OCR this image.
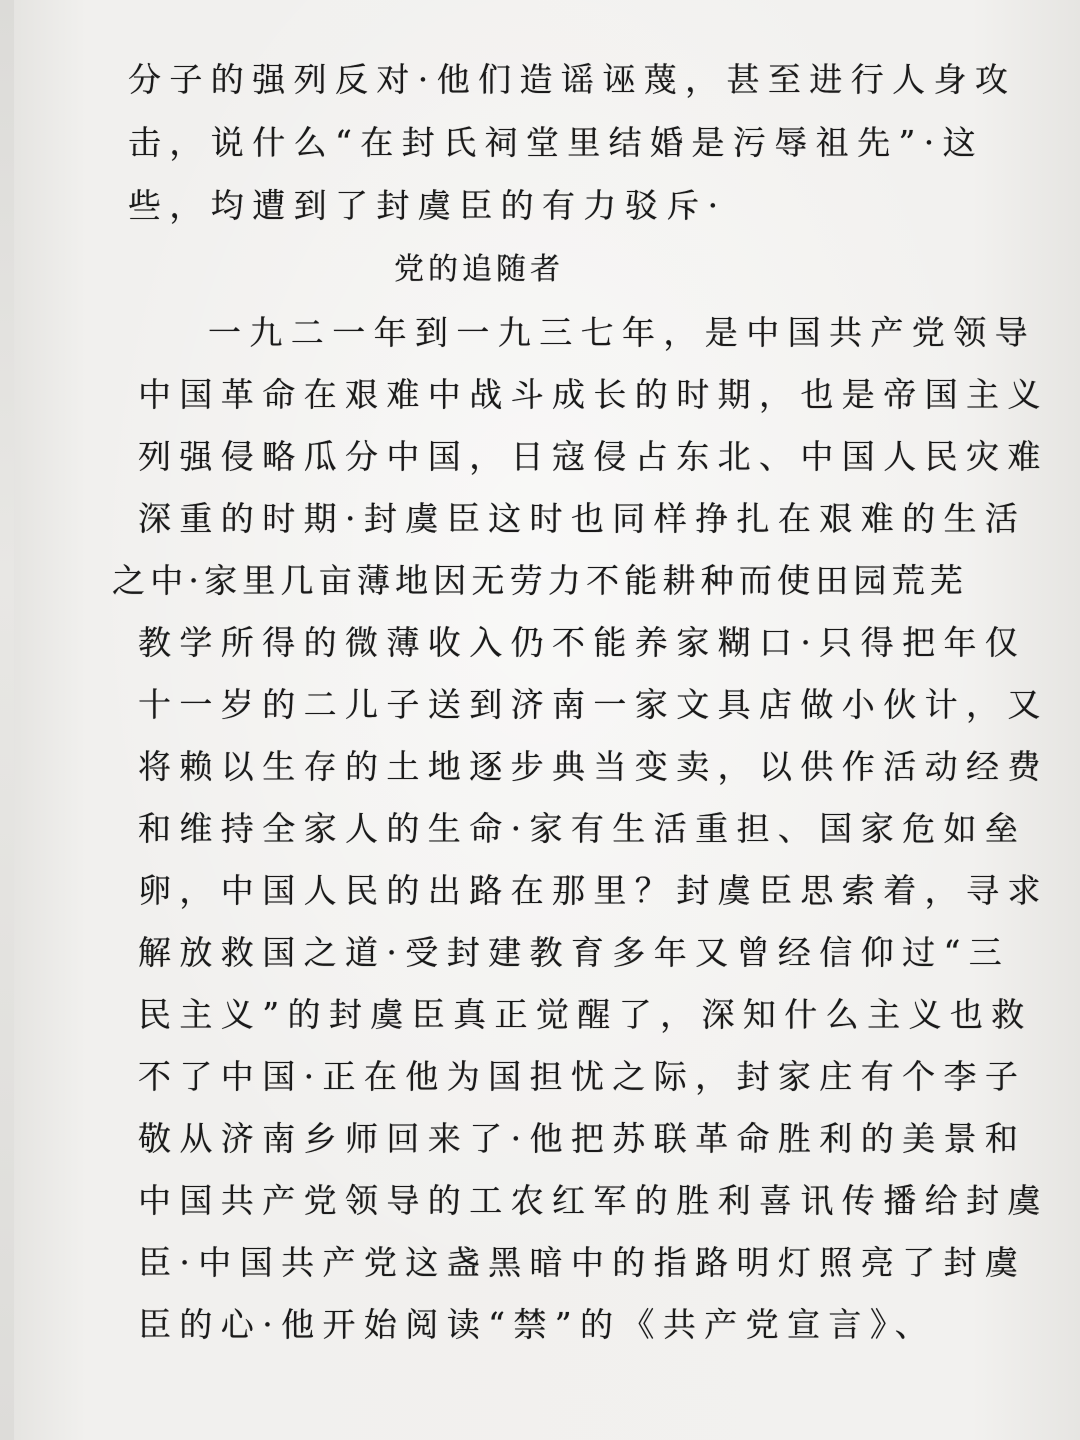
分子的强列反对·他们造谣诬蔑，甚至进行人身攻
击，说什么“在封氏祠堂里结婚是污辱祖先”·这
些，均遭到了封虞臣的有力驳斥·
党的追随者
一九二一年到一九三七年，是中国共产党领导
中国革命在艰难中战斗成长的时期，也是帝国主义
列强侵略瓜分中国，日寇侵占东北、中国人民灾难
深重的时期·封虞臣这时也同样挣扎在艰难的生活
之中·家里几亩薄地因无劳力不能耕种而使田园荒芜
教学所得的微薄收入仍不能养家糊口·只得把年仅
十一岁的二儿子送到济南一家文具店做小伙计，又
将赖以生存的土地逐步典当变卖，以供作活动经费
和维持全家人的生命·家有生活重担、国家危如垒
卵，中国人民的出路在那里？封虞臣思索着，寻求
解放救国之道·受封建教育多年又曾经信仰过“三
民主义”的封虞臣真正觉醒了，深知什么主义也救
不了中国·正在他为国担忧之际，封家庄有个李子
敬从济南乡师回来了·他把苏联革命胜利的美景和
中国共产党领导的工农红军的胜利喜讯传播给封虞
臣·中国共产党这盏黑暗中的指路明灯照亮了封虞
臣的心·他开始阅读“禁”的《共产党宣言》、
